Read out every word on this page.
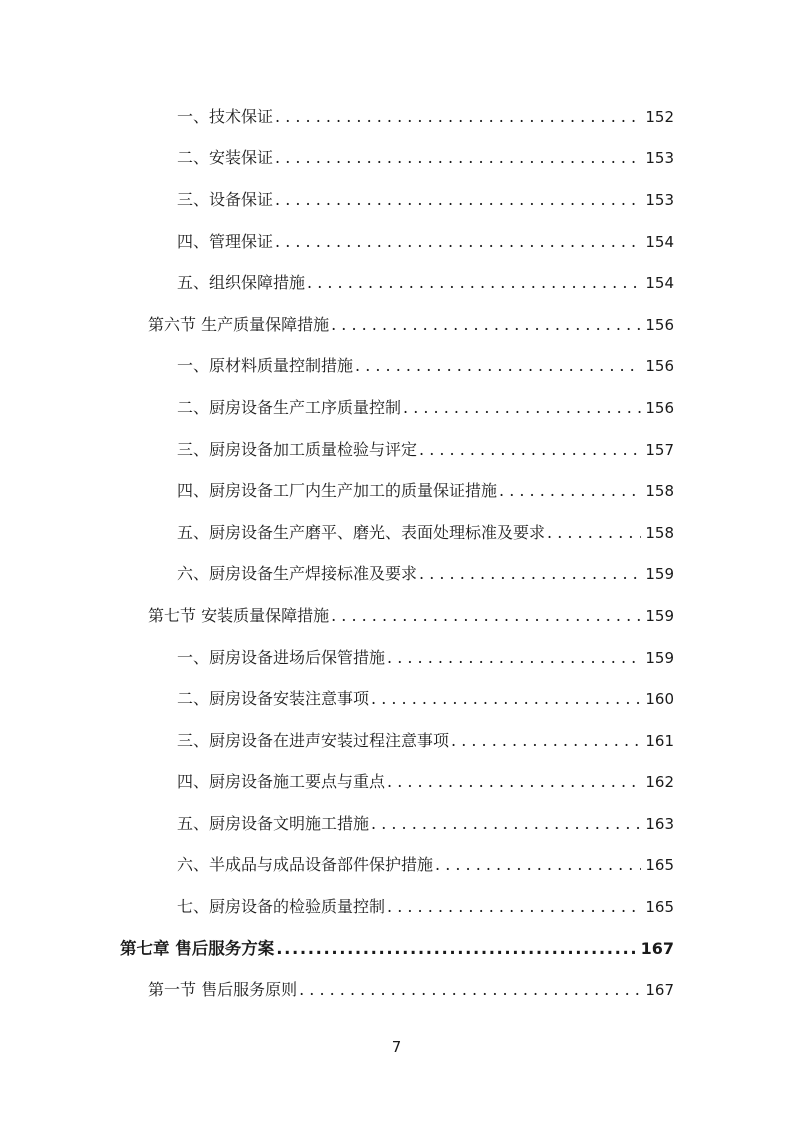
一、技术保证 . . .	152
二、安装保证 . . .	153
三、设备保证 . . .	153
四、管理保证 . . .	154
五、组织保障措施 . . .	154
第六节 生产质量保障措施 . . .	156
一、原材料质量控制措施 . . .	156
二、厨房设备生产工序质量控制 . . .	156
三、厨房设备加工质量检验与评定 . . .	157
四、厨房设备工厂内生产加工的质量保证措施 . . .	158
五、厨房设备生产磨平、磨光、表面处理标准及要求 . . .	158
六、厨房设备生产焊接标准及要求 . . .	159
第七节 安装质量保障措施 . . .	159
一、厨房设备进场后保管措施 . . .	159
二、厨房设备安装注意事项 . . .	160
三、厨房设备在进声安装过程注意事项 . . .	161
四、厨房设备施工要点与重点 . . .	162
五、厨房设备文明施工措施 . . .	163
六、半成品与成品设备部件保护措施 . . .	165
七、厨房设备的检验质量控制 . . .	165
第七章 售后服务方案 .....	167
第一节 售后服务原则 . . .	167
7
